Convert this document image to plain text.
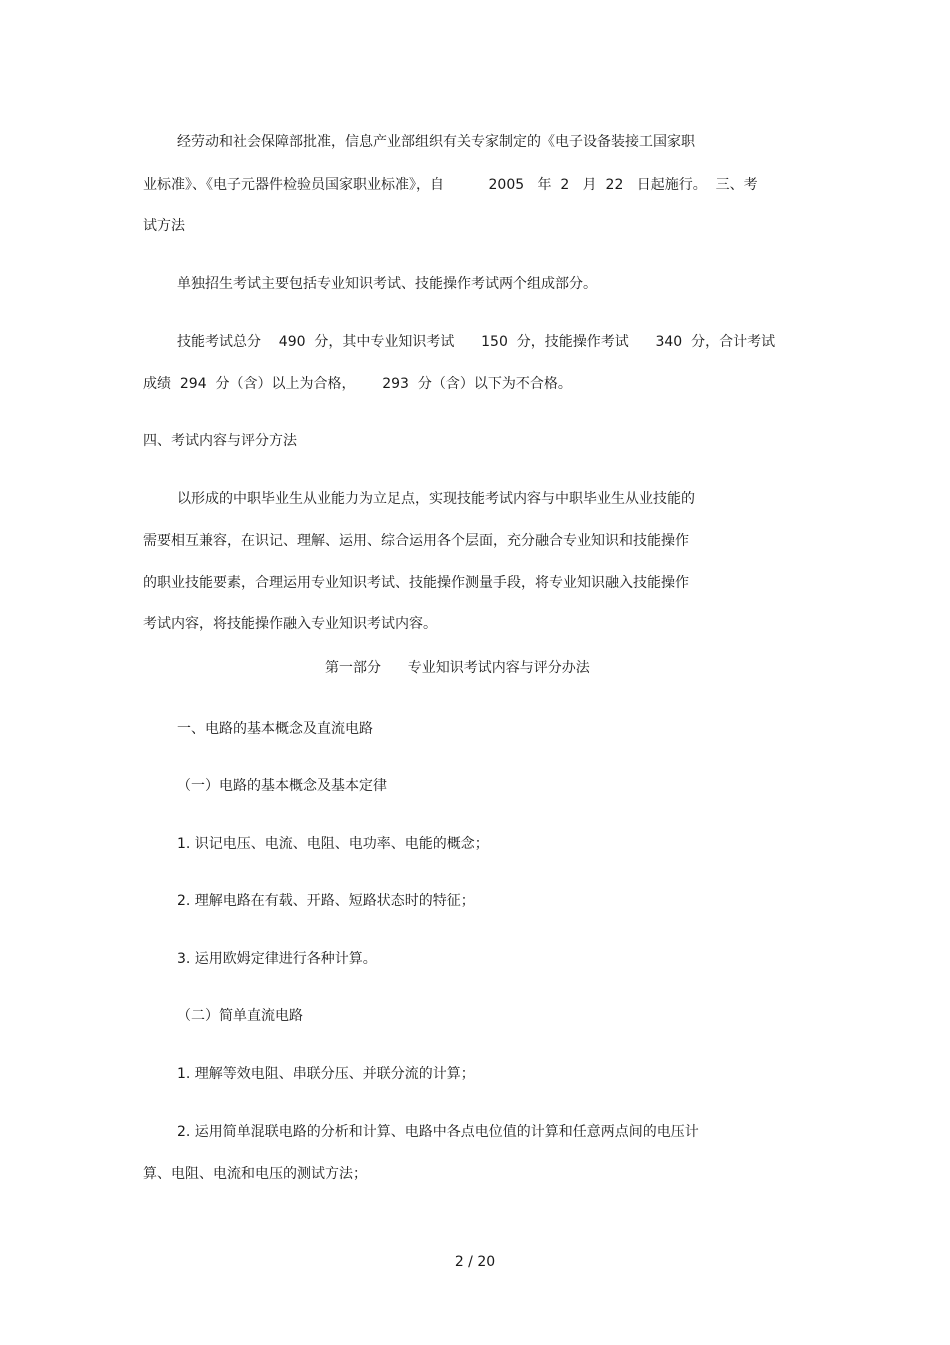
经劳动和社会保障部批准，信息产业部组织有关专家制定的《电子设备装接工国家职

业标准》、《电子元器件检验员国家职业标准》，自          2005   年  2   月  22   日起施行。  三、考

试方法

单独招生考试主要包括专业知识考试、技能操作考试两个组成部分。

技能考试总分    490  分，其中专业知识考试      150  分，技能操作考试      340  分，合计考试

成绩  294  分（含）以上为合格，      293  分（含）以下为不合格。

四、考试内容与评分方法

以形成的中职毕业生从业能力为立足点，实现技能考试内容与中职毕业生从业技能的

需要相互兼容，在识记、理解、运用、综合运用各个层面，充分融合专业知识和技能操作

的职业技能要素，合理运用专业知识考试、技能操作测量手段，将专业知识融入技能操作

考试内容，将技能操作融入专业知识考试内容。

第一部分      专业知识考试内容与评分办法

一、电路的基本概念及直流电路

（一）电路的基本概念及基本定律

1. 识记电压、电流、电阻、电功率、电能的概念；

2. 理解电路在有载、开路、短路状态时的特征；

3. 运用欧姆定律进行各种计算。

（二）简单直流电路

1. 理解等效电阻、串联分压、并联分流的计算；

2. 运用简单混联电路的分析和计算、电路中各点电位值的计算和任意两点间的电压计

算、电阻、电流和电压的测试方法；

2 / 20
